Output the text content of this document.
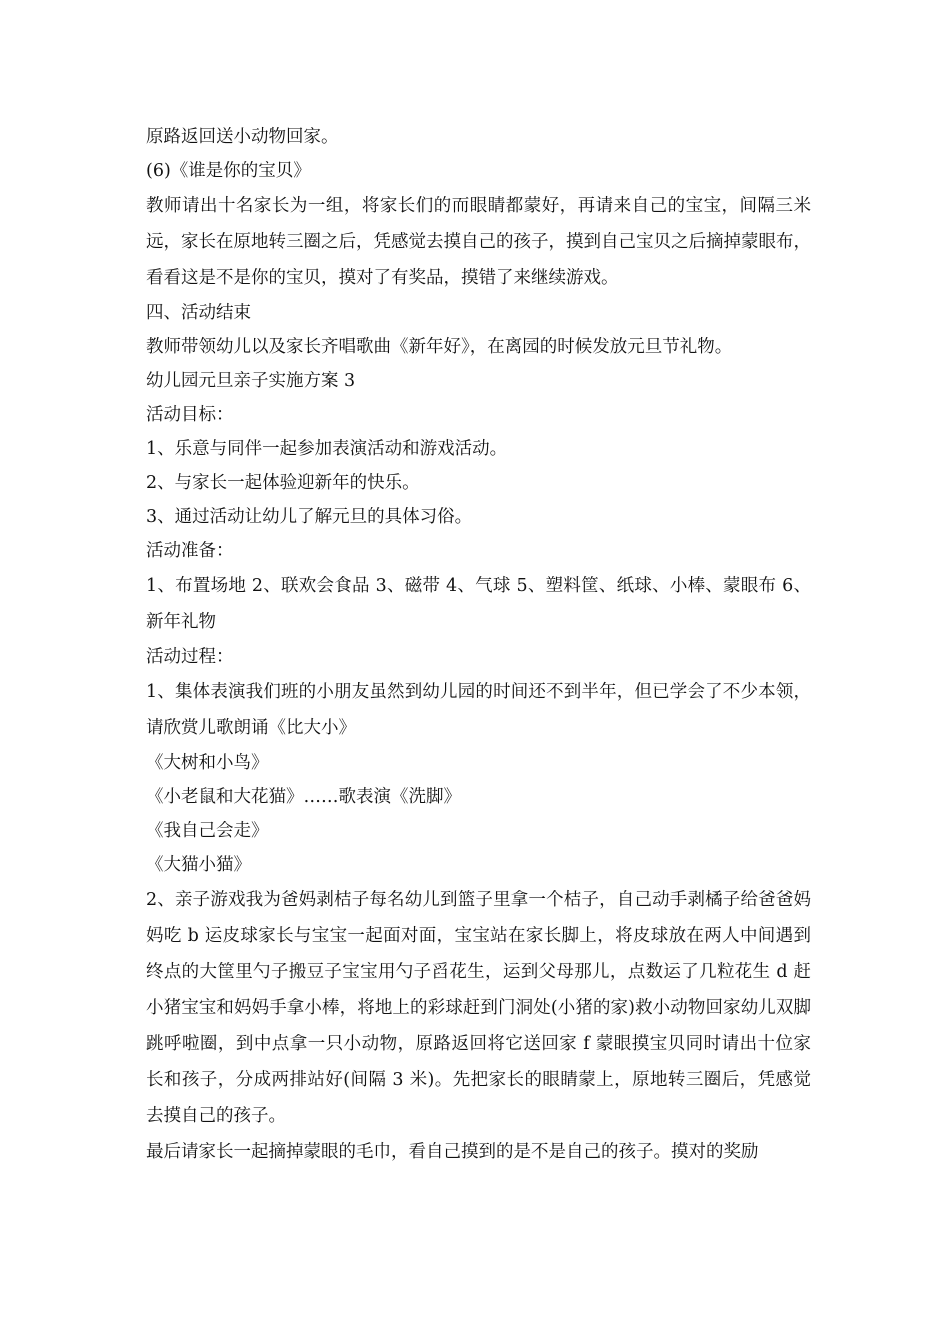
原路返回送小动物回家。

(6)《谁是你的宝贝》

教师请出十名家长为一组，将家长们的而眼睛都蒙好，再请来自己的宝宝，间隔三米远，家长在原地转三圈之后，凭感觉去摸自己的孩子，摸到自己宝贝之后摘掉蒙眼布，看看这是不是你的宝贝，摸对了有奖品，摸错了来继续游戏。

四、活动结束

教师带领幼儿以及家长齐唱歌曲《新年好》，在离园的时候发放元旦节礼物。

幼儿园元旦亲子实施方案 3

活动目标：

1、乐意与同伴一起参加表演活动和游戏活动。

2、与家长一起体验迎新年的快乐。

3、通过活动让幼儿了解元旦的具体习俗。

活动准备：

1、布置场地 2、联欢会食品 3、磁带 4、气球 5、塑料筐、纸球、小棒、蒙眼布 6、新年礼物

活动过程：

1、集体表演我们班的小朋友虽然到幼儿园的时间还不到半年，但已学会了不少本领，请欣赏儿歌朗诵《比大小》

《大树和小鸟》

《小老鼠和大花猫》……歌表演《洗脚》

《我自己会走》

《大猫小猫》

2、亲子游戏我为爸妈剥桔子每名幼儿到篮子里拿一个桔子，自己动手剥橘子给爸爸妈妈吃 b 运皮球家长与宝宝一起面对面，宝宝站在家长脚上，将皮球放在两人中间遇到终点的大筐里勺子搬豆子宝宝用勺子舀花生，运到父母那儿，点数运了几粒花生 d 赶小猪宝宝和妈妈手拿小棒，将地上的彩球赶到门洞处(小猪的家)救小动物回家幼儿双脚跳呼啦圈，到中点拿一只小动物，原路返回将它送回家 f 蒙眼摸宝贝同时请出十位家长和孩子，分成两排站好(间隔 3 米)。先把家长的眼睛蒙上，原地转三圈后，凭感觉去摸自己的孩子。

最后请家长一起摘掉蒙眼的毛巾，看自己摸到的是不是自己的孩子。摸对的奖励
